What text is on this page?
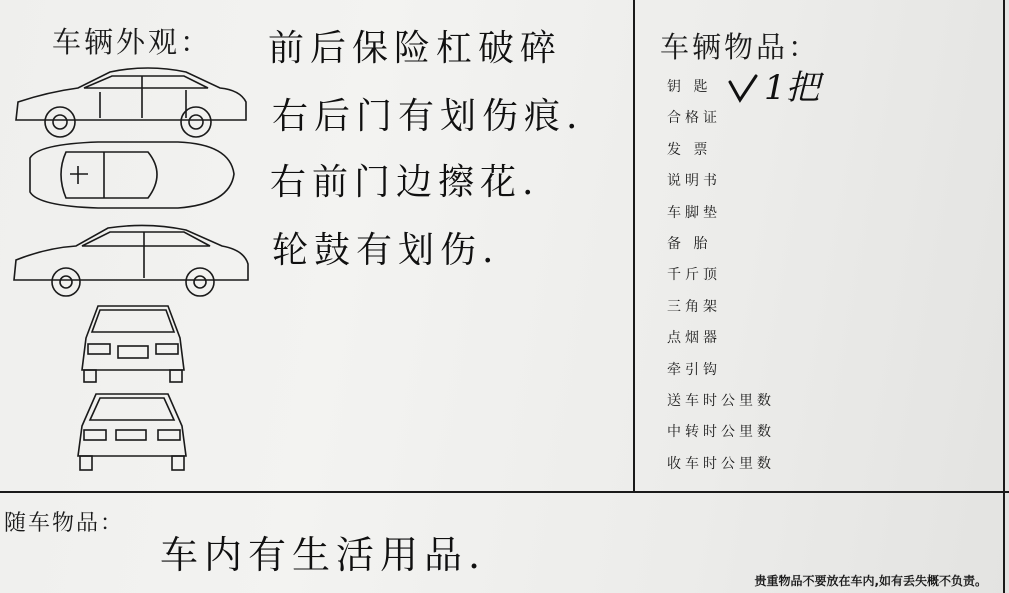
车辆外观： 前后保险杠破碎
右后门有划伤痕.
右前门边擦花.
轮鼓有划伤.
车辆物品：
1把
钥 匙
合格证
发 票
说明书
车脚垫
备 胎
千斤顶
三角架
点烟器
牵引钩
送车时公里数
中转时公里数
收车时公里数
随车物品：
车内有生活用品.
贵重物品不要放在车内,如有丢失概不负责。
